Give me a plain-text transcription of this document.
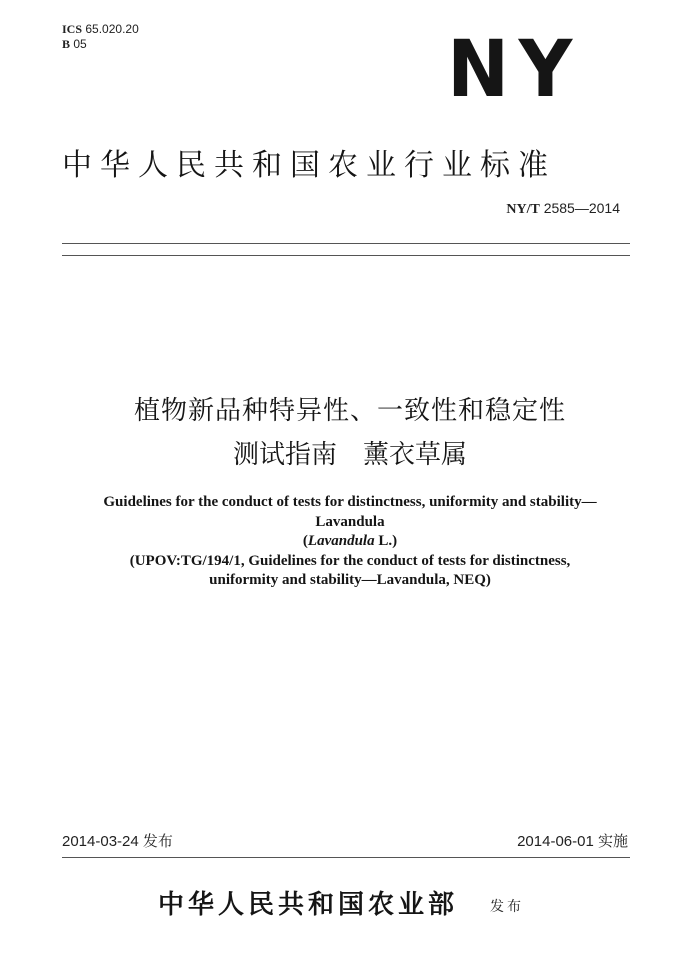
ICS 65.020.20
B 05	NY
中华人民共和国农业行业标准
NY/T 2585—2014
植物新品种特异性、一致性和稳定性
测试指南　薰衣草属
Guidelines for the conduct of tests for distinctness, uniformity and stability—
Lavandula
(Lavandula L.)
(UPOV:TG/194/1, Guidelines for the conduct of tests for distinctness,
uniformity and stability—Lavandula, NEQ)
2014-03-24 发布	2014-06-01 实施
中华人民共和国农业部 发布
